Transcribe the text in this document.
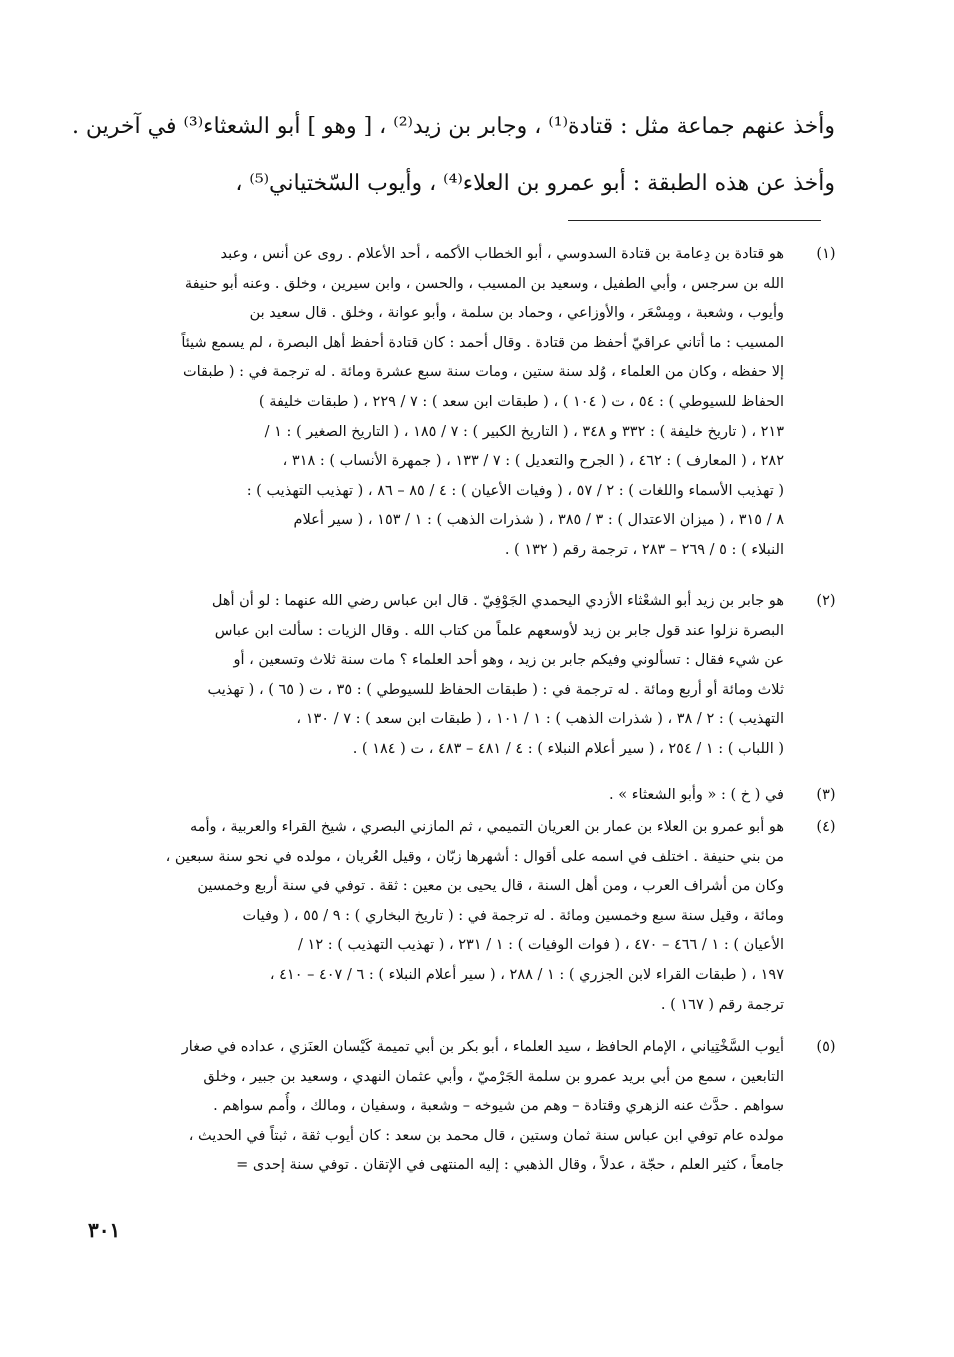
وأخذ عنهم جماعة مثل : قتادة⁽¹⁾ ، وجابر بن زيد⁽²⁾ ، [ وهو ] أبو الشعثاء⁽³⁾ في آخرين .
وأخذ عن هذه الطبقة : أبو عمرو بن العلاء⁽⁴⁾ ، وأيوب السّختياني⁽⁵⁾ ،
(١)
هو قتادة بن دِعامة بن قتادة السدوسي ، أبو الخطاب الأكمه ، أحد الأعلام . روى عن أنس ، وعبد
الله بن سرجس ، وأبي الطفيل ، وسعيد بن المسيب ، والحسن ، وابن سيرين ، وخلق . وعنه أبو حنيفة
وأيوب ، وشعبة ، ومِسْعَر ، والأوزاعي ، وحماد بن سلمة ، وأبو عوانة ، وخلق . قال سعيد بن
المسيب : ما أتاني عراقيّ أحفظ من قتادة . وقال أحمد : كان قتادة أحفظ أهل البصرة ، لم يسمع شيئاً
إلا حفظه ، وكان من العلماء ، وُلد سنة ستين ، ومات سنة سبع عشرة ومائة . له ترجمة في : ( طبقات
الحفاظ للسيوطي ) : ٥٤ ، ت ( ١٠٤ ) ، ( طبقات ابن سعد ) : ٧ / ٢٢٩ ، ( طبقات خليفة )
٢١٣ ، ( تاريخ خليفة ) : ٣٣٢ و ٣٤٨ ، ( التاريخ الكبير ) : ٧ / ١٨٥ ، ( التاريخ الصغير ) : ١ /
٢٨٢ ، ( المعارف ) : ٤٦٢ ، ( الجرح والتعديل ) : ٧ / ١٣٣ ، ( جمهرة الأنساب ) : ٣١٨ ،
( تهذيب الأسماء واللغات ) : ٢ / ٥٧ ، ( وفيات الأعيان ) : ٤ / ٨٥ – ٨٦ ، ( تهذيب التهذيب ) :
٨ / ٣١٥ ، ( ميزان الاعتدال ) : ٣ / ٣٨٥ ، ( شذرات الذهب ) : ١ / ١٥٣ ، ( سير أعلام
النبلاء ) : ٥ / ٢٦٩ – ٢٨٣ ، ترجمة رقم ( ١٣٢ ) .
(٢)
هو جابر بن زيد أبو الشعْثاء الأزدي اليحمدي الجَوْفِيّ . قال ابن عباس رضي الله عنهما : لو أن أهل
البصرة نزلوا عند قول جابر بن زيد لأوسعهم علماً من كتاب الله . وقال الزيات : سألت ابن عباس
عن شيء فقال : تسألوني وفيكم جابر بن زيد ، وهو أحد العلماء ؟ مات سنة ثلاث وتسعين ، أو
ثلاث ومائة أو أربع ومائة . له ترجمة في : ( طبقات الحفاظ للسيوطي ) : ٣٥ ، ت ( ٦٥ ) ، ( تهذيب
التهذيب ) : ٢ / ٣٨ ، ( شذرات الذهب ) : ١ / ١٠١ ، ( طبقات ابن سعد ) : ٧ / ١٣٠ ،
( اللباب ) : ١ / ٢٥٤ ، ( سير أعلام النبلاء ) : ٤ / ٤٨١ – ٤٨٣ ، ت ( ١٨٤ ) .
(٣)
في ( خ ) : « وأبو الشعثاء » .
(٤)
هو أبو عمرو بن العلاء بن عمار بن العريان التميمي ، ثم المازني البصري ، شيخ القراء والعربية ، وأمه
من بني حنيفة . اختلف في اسمه على أقوال : أشهرها زبّان ، وقيل العُريان ، مولده في نحو سنة سبعين ،
وكان من أشراف العرب ، ومن أهل السنة ، قال يحيى بن معين : ثقة . توفي في سنة أربع وخمسين
ومائة ، وقيل سنة سبع وخمسين ومائة . له ترجمة في : ( تاريخ البخاري ) : ٩ / ٥٥ ، ( وفيات
الأعيان ) : ١ / ٤٦٦ – ٤٧٠ ، ( فوات الوفيات ) : ١ / ٢٣١ ، ( تهذيب التهذيب ) : ١٢ /
١٩٧ ، ( طبقات القراء لابن الجزري ) : ١ / ٢٨٨ ، ( سير أعلام النبلاء ) : ٦ / ٤٠٧ – ٤١٠ ،
ترجمة رقم ( ١٦٧ ) .
(٥)
أيوب السَّخْتِياني ، الإمام الحافظ ، سيد العلماء ، أبو بكر بن أبي تميمة كَيْسان العنَزي ، عداده في صغار
التابعين ، سمع من أبي بريد عمرو بن سلمة الجَرْميّ ، وأبي عثمان النهدي ، وسعيد بن جبير ، وخلق
سواهم . حدَّث عنه الزهري وقتادة – وهم من شيوخه – وشعبة ، وسفيان ، ومالك ، وأُمم سواهم .
مولده عام توفي ابن عباس سنة ثمان وستين ، قال محمد بن سعد : كان أيوب ثقة ، ثبتاً في الحديث ،
جامعاً ، كثير العلم ، حجّة ، عدلاً ، وقال الذهبي : إليه المنتهى في الإتقان . توفي سنة إحدى =
٣٠١
